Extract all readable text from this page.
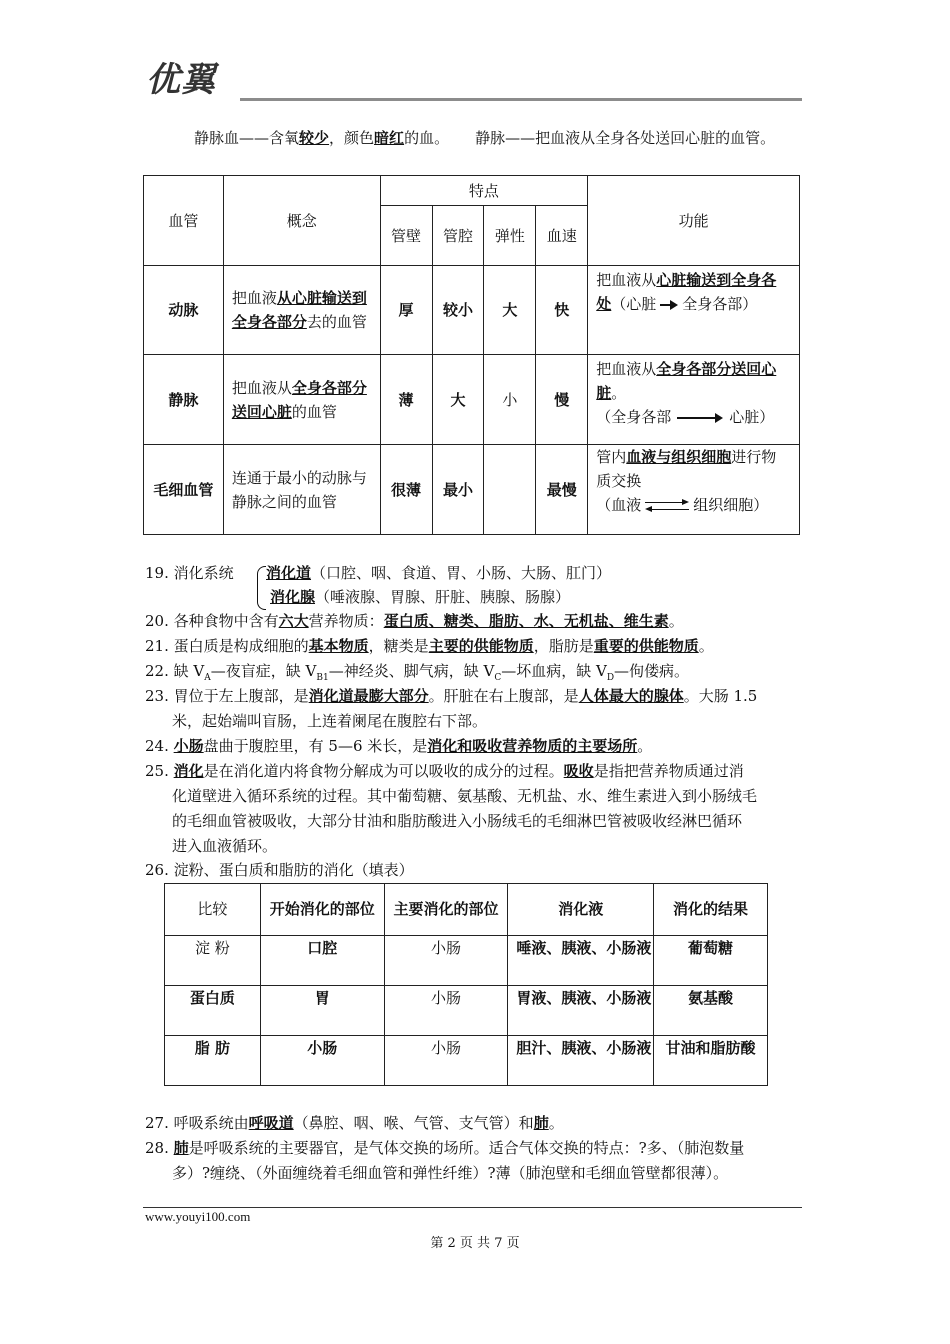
优翼
静脉血——含氧较少，颜色暗红的血。 静脉——把血液从全身各处送回心脏的血管。
血管	概念	特点				功能
		管壁	管腔	弹性	血速	
动脉	把血液从心脏输送到全身各部分去的血管	厚	较小	大	快	把血液从心脏输送到全身各处（心脏 全身各部）
静脉	把血液从全身各部分送回心脏的血管	薄	大	小	慢	把血液从全身各部分送回心脏。
（全身各部 心脏）
毛细血管	连通于最小的动脉与静脉之间的血管	很薄	最小		最慢	管内血液与组织细胞进行物质交换
（血液 组织细胞）
19. 消化系统 消化道（口腔、咽、食道、胃、小肠、大肠、肛门）
消化腺（唾液腺、胃腺、肝脏、胰腺、肠腺）
20. 各种食物中含有六大营养物质：蛋白质、糖类、脂肪、水、无机盐、维生素。
21. 蛋白质是构成细胞的基本物质，糖类是主要的供能物质，脂肪是重要的供能物质。
22. 缺 $V_A—$夜盲症，缺 $V_{B1}—$神经炎、脚气病，缺 $V_C—$坏血病，缺 $V_D—$佝偻病。
23. 胃位于左上腹部，是消化道最膨大部分。肝脏在右上腹部，是人体最大的腺体。大肠 1.5
米，起始端叫盲肠，上连着阑尾在腹腔右下部。
24. 小肠盘曲于腹腔里，有 5—6 米长，是消化和吸收营养物质的主要场所。
25. 消化是在消化道内将食物分解成为可以吸收的成分的过程。吸收是指把营养物质通过消
化道壁进入循环系统的过程。其中葡萄糖、氨基酸、无机盐、水、维生素进入到小肠绒毛
的毛细血管被吸收，大部分甘油和脂肪酸进入小肠绒毛的毛细淋巴管被吸收经淋巴循环
进入血液循环。
26. 淀粉、蛋白质和脂肪的消化（填表）
比较	开始消化的部位	主要消化的部位	消化液	消化的结果
淀 粉	口腔	小肠	唾液、胰液、小肠液	葡萄糖
蛋白质	胃	小肠	胃液、胰液、小肠液	氨基酸
脂 肪	小肠	小肠	胆汁、胰液、小肠液	甘油和脂肪酸
27. 呼吸系统由呼吸道（鼻腔、咽、喉、气管、支气管）和肺。
28. 肺是呼吸系统的主要器官，是气体交换的场所。适合气体交换的特点：?多、（肺泡数量
多）?缠绕、（外面缠绕着毛细血管和弹性纤维）?薄（肺泡壁和毛细血管壁都很薄）。
www.youyi100.com
第 2 页 共 7 页
